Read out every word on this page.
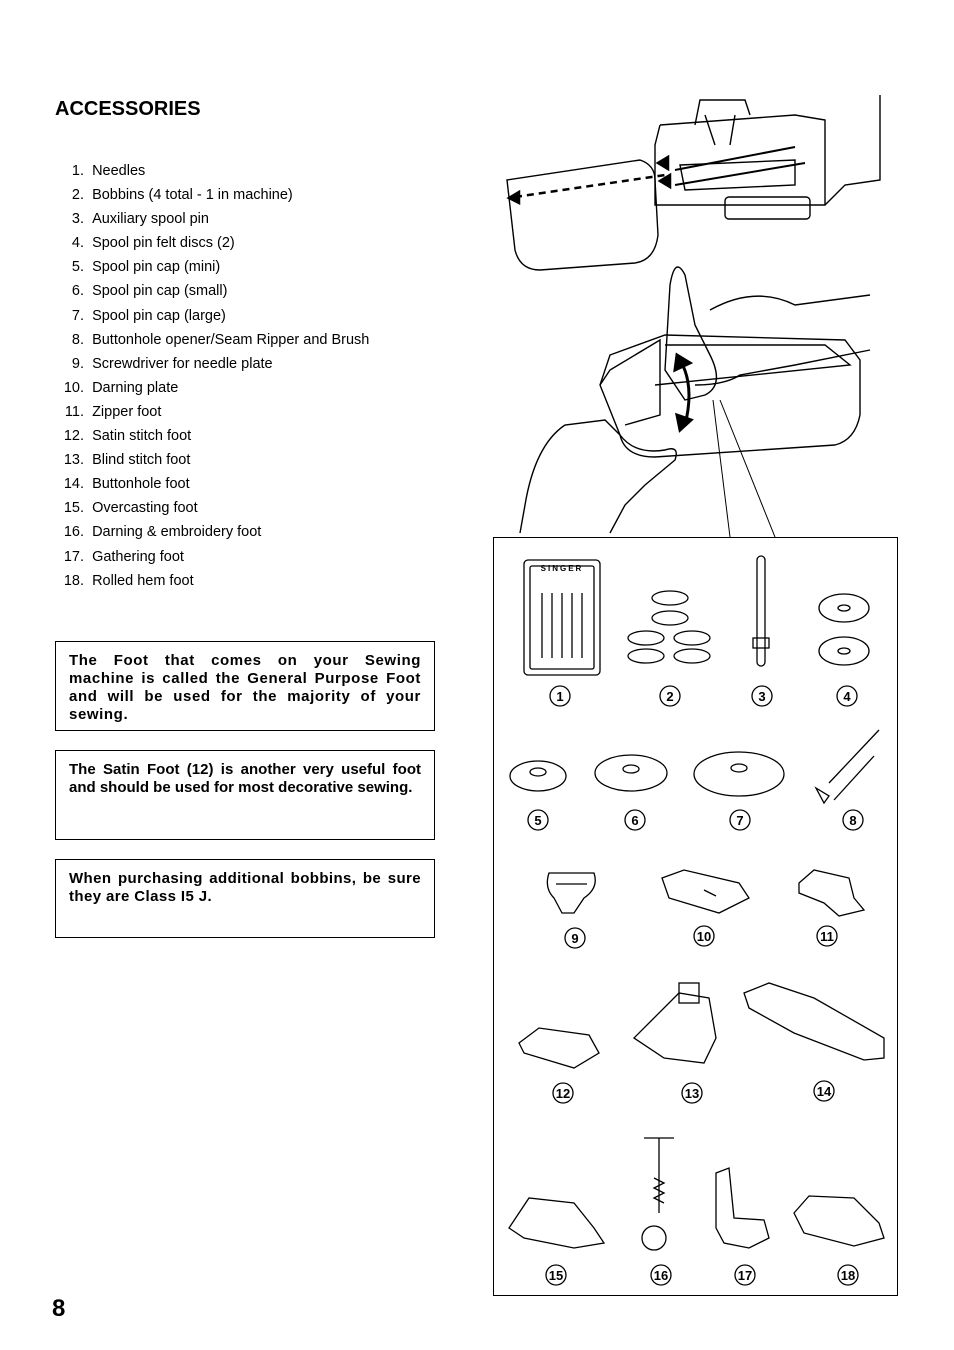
ACCESSORIES
1. Needles
2. Bobbins (4 total - 1 in machine)
3. Auxiliary spool pin
4. Spool pin felt discs (2)
5. Spool pin cap (mini)
6. Spool pin cap (small)
7. Spool pin cap (large)
8. Buttonhole opener/Seam Ripper and Brush
9. Screwdriver for needle plate
10. Darning plate
11. Zipper foot
12. Satin stitch foot
13. Blind stitch foot
14. Buttonhole foot
15. Overcasting foot
16. Darning & embroidery foot
17. Gathering foot
18. Rolled hem foot
The Foot that comes on your Sewing machine is called the General Purpose Foot and will be used for the majority of your sewing.
The Satin Foot (12) is another very useful foot and should be used for most decorative sewing.
When purchasing additional bobbins, be sure they are Class I5 J.
8
SINGER
1	2	3	4
5	6	7	8
9	10	11
12	13	14
15	16	17	18
